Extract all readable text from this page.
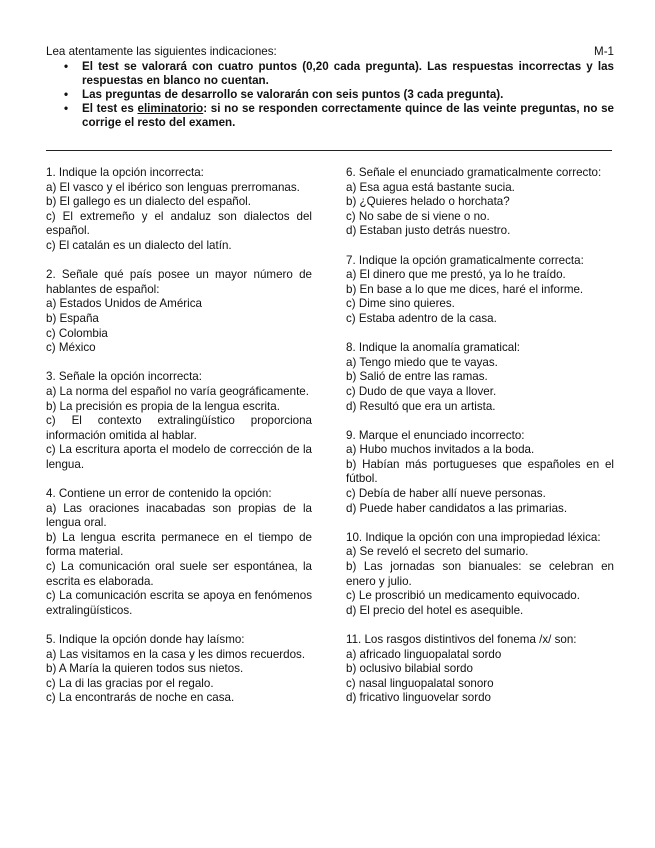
Lea atentamente las siguientes indicaciones:	M-1
• El test se valorará con cuatro puntos (0,20 cada pregunta). Las respuestas incorrectas y las respuestas en blanco no cuentan.
• Las preguntas de desarrollo se valorarán con seis puntos (3 cada pregunta).
• El test es eliminatorio: si no se responden correctamente quince de las veinte preguntas, no se corrige el resto del examen.
1. Indique la opción incorrecta:
a) El vasco y el ibérico son lenguas prerromanas.
b) El gallego es un dialecto del español.
c) El extremeño y el andaluz son dialectos del español.
c) El catalán es un dialecto del latín.
2. Señale qué país posee un mayor número de hablantes de español:
a) Estados Unidos de América
b) España
c) Colombia
c) México
3. Señale la opción incorrecta:
a) La norma del español no varía geográficamente.
b) La precisión es propia de la lengua escrita.
c) El contexto extralingüístico proporciona información omitida al hablar.
c) La escritura aporta el modelo de corrección de la lengua.
4. Contiene un error de contenido la opción:
a) Las oraciones inacabadas son propias de la lengua oral.
b) La lengua escrita permanece en el tiempo de forma material.
c) La comunicación oral suele ser espontánea, la escrita es elaborada.
c) La comunicación escrita se apoya en fenómenos extralingüísticos.
5. Indique la opción donde hay laísmo:
a) Las visitamos en la casa y les dimos recuerdos.
b) A María la quieren todos sus nietos.
c) La di las gracias por el regalo.
c) La encontrarás de noche en casa.
6. Señale el enunciado gramaticalmente correcto:
a) Esa agua está bastante sucia.
b) ¿Quieres helado o horchata?
c) No sabe de si viene o no.
d) Estaban justo detrás nuestro.
7. Indique la opción gramaticalmente correcta:
a) El dinero que me prestó, ya lo he traído.
b) En base a lo que me dices, haré el informe.
c) Dime sino quieres.
c) Estaba adentro de la casa.
8. Indique la anomalía gramatical:
a) Tengo miedo que te vayas.
b) Salió de entre las ramas.
c) Dudo de que vaya a llover.
d) Resultó que era un artista.
9. Marque el enunciado incorrecto:
a) Hubo muchos invitados a la boda.
b) Habían más portugueses que españoles en el fútbol.
c) Debía de haber allí nueve personas.
d) Puede haber candidatos a las primarias.
10. Indique la opción con una impropiedad léxica:
a) Se reveló el secreto del sumario.
b) Las jornadas son bianuales: se celebran en enero y julio.
c) Le proscribió un medicamento equivocado.
d) El precio del hotel es asequible.
11. Los rasgos distintivos del fonema /x/ son:
a) africado linguopalatal sordo
b) oclusivo bilabial sordo
c) nasal linguopalatal sonoro
d) fricativo linguovelar sordo
